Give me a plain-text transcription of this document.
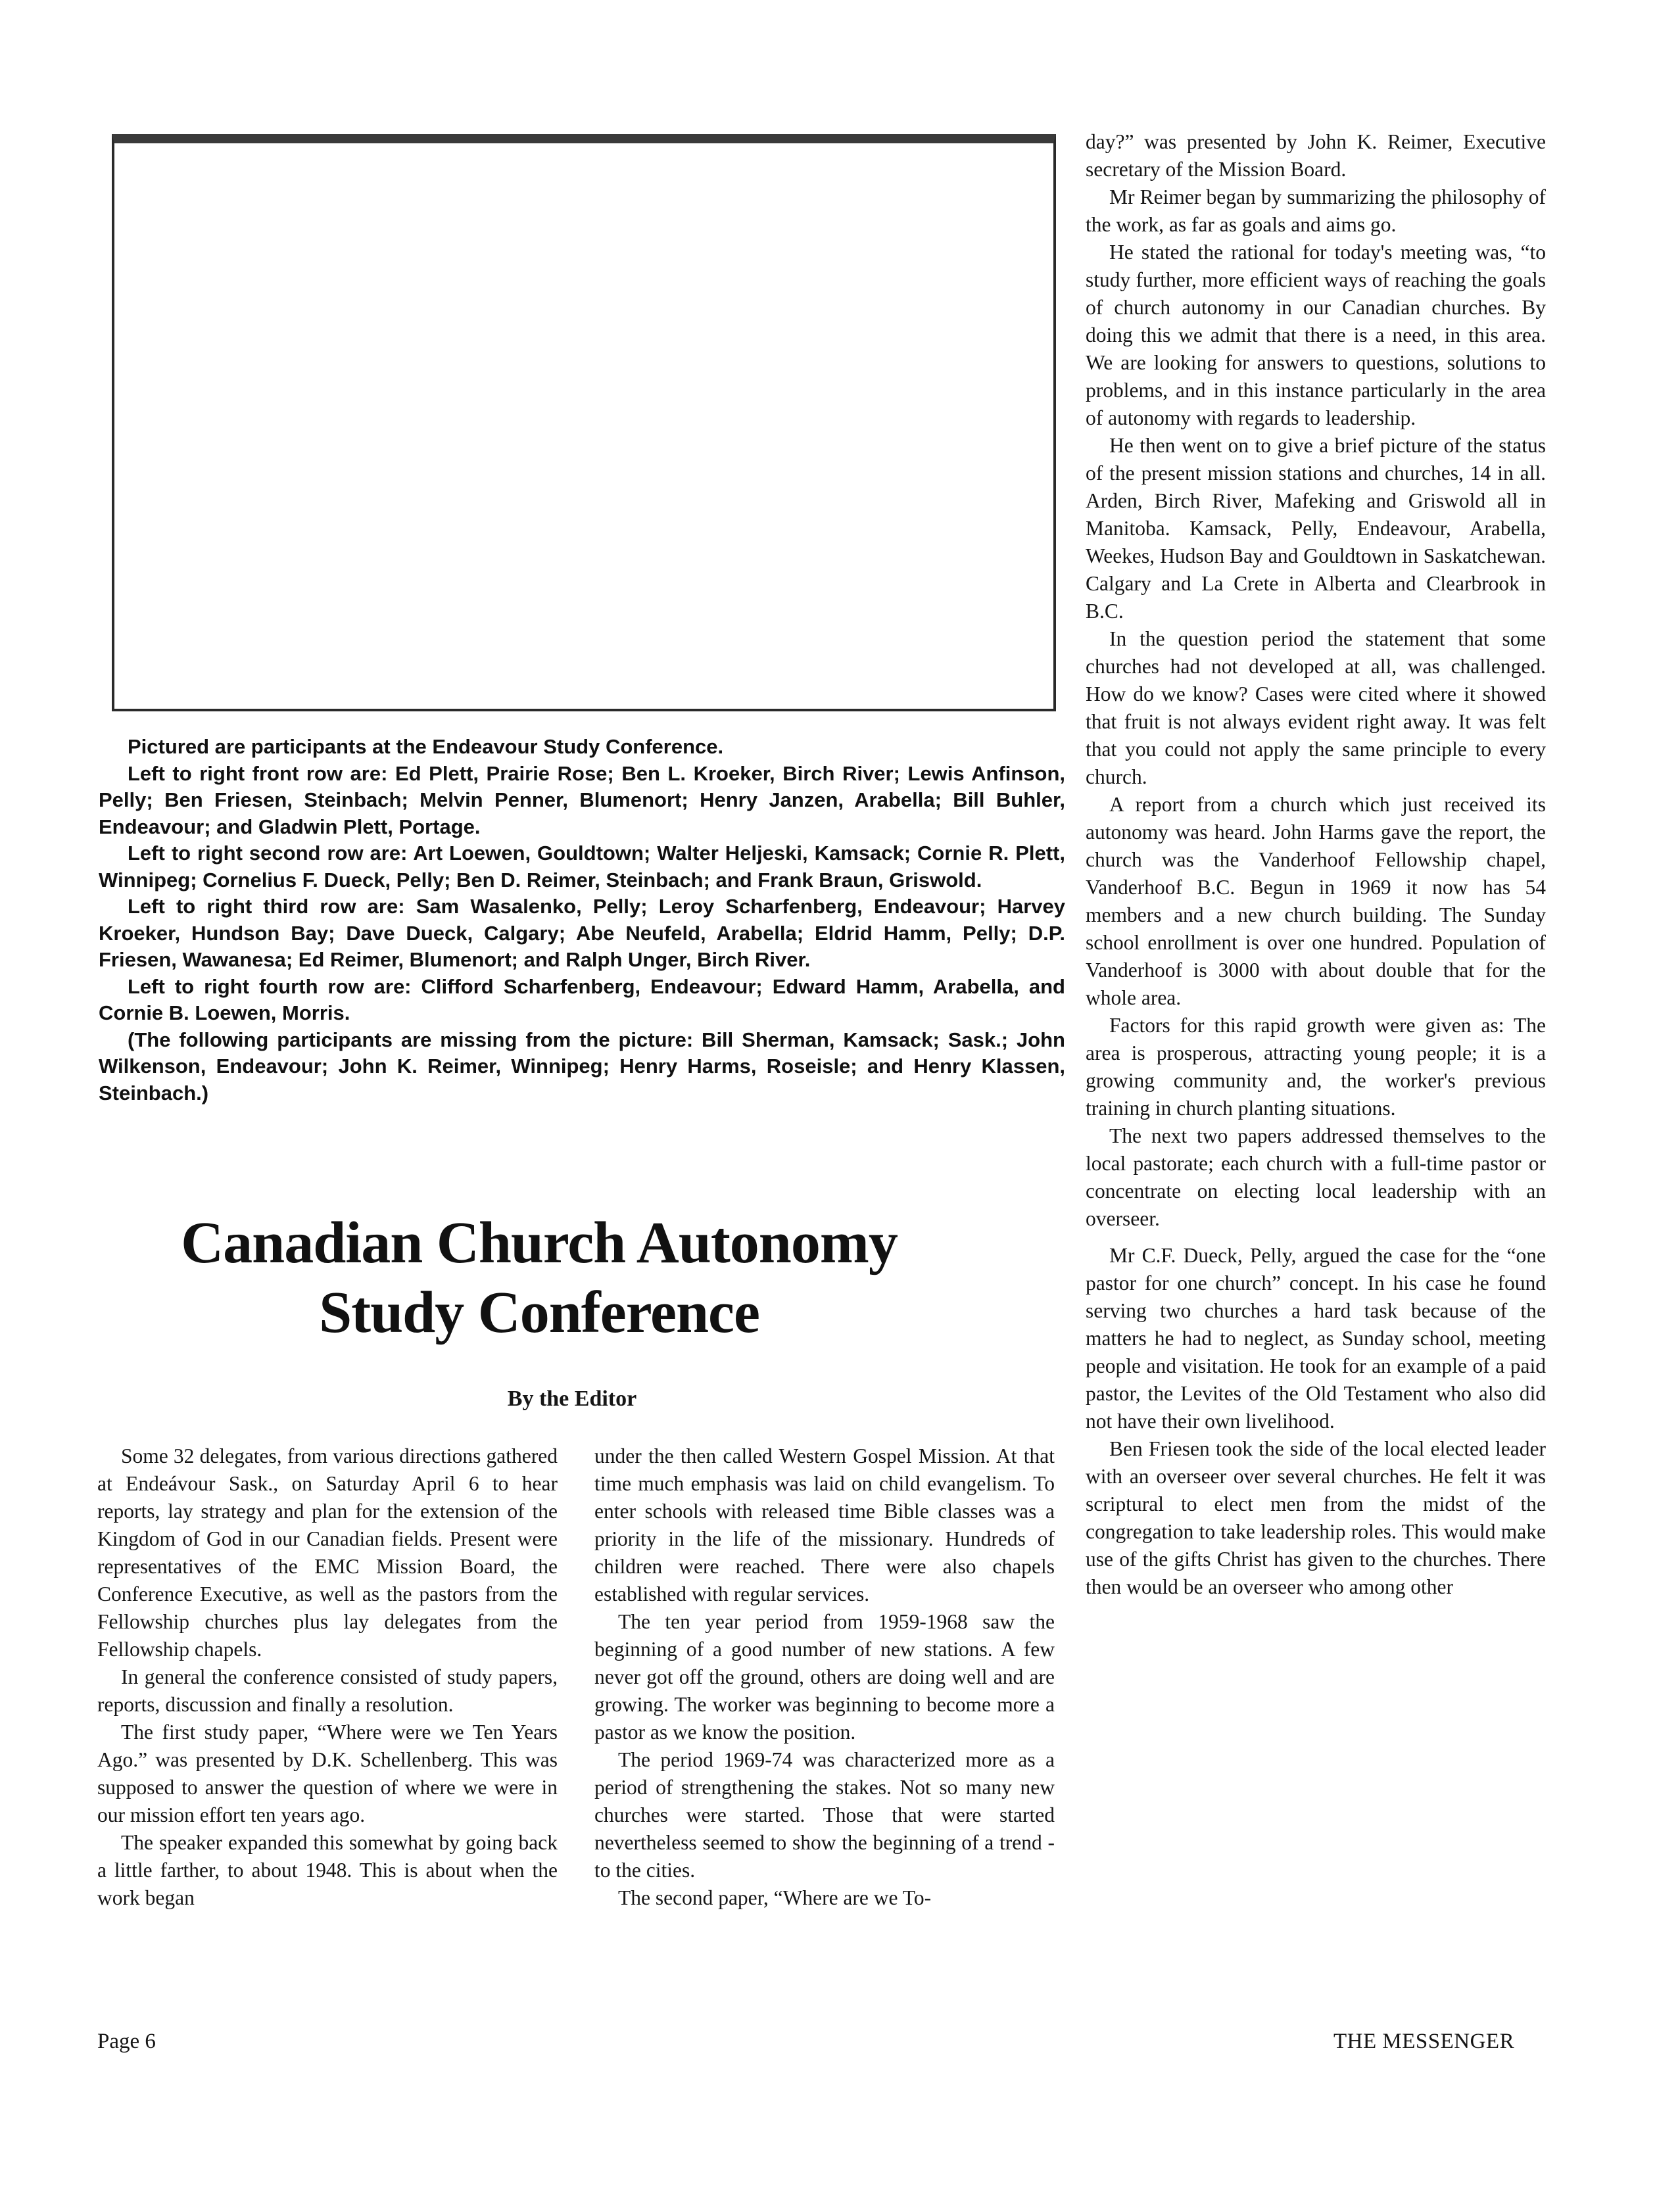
Pictured are participants at the Endeavour Study Conference.

Left to right front row are: Ed Plett, Prairie Rose; Ben L. Kroeker, Birch River; Lewis Anfinson, Pelly; Ben Friesen, Steinbach; Melvin Penner, Blumenort; Henry Janzen, Arabella; Bill Buhler, Endeavour; and Gladwin Plett, Portage.

Left to right second row are: Art Loewen, Gouldtown; Walter Heljeski, Kamsack; Cornie R. Plett, Winnipeg; Cornelius F. Dueck, Pelly; Ben D. Reimer, Steinbach; and Frank Braun, Griswold.

Left to right third row are: Sam Wasalenko, Pelly; Leroy Scharfenberg, Endeavour; Harvey Kroeker, Hundson Bay; Dave Dueck, Calgary; Abe Neufeld, Arabella; Eldrid Hamm, Pelly; D.P. Friesen, Wawanesa; Ed Reimer, Blumenort; and Ralph Unger, Birch River.

Left to right fourth row are: Clifford Scharfenberg, Endeavour; Edward Hamm, Arabella, and Cornie B. Loewen, Morris.

(The following participants are missing from the picture: Bill Sherman, Kamsack; Sask.; John Wilkenson, Endeavour; John K. Reimer, Winnipeg; Henry Harms, Roseisle; and Henry Klassen, Steinbach.)

Canadian Church Autonomy
Study Conference
By the Editor

Some 32 delegates, from various directions gathered at Endeávour Sask., on Saturday April 6 to hear reports, lay strategy and plan for the extension of the Kingdom of God in our Canadian fields. Present were representatives of the EMC Mission Board, the Conference Executive, as well as the pastors from the Fellowship churches plus lay delegates from the Fellowship chapels.

In general the conference consisted of study papers, reports, discussion and finally a resolution.

The first study paper, “Where were we Ten Years Ago.” was presented by D.K. Schellenberg. This was supposed to answer the question of where we were in our mission effort ten years ago.

The speaker expanded this somewhat by going back a little farther, to about 1948. This is about when the work began

under the then called Western Gospel Mission. At that time much emphasis was laid on child evangelism. To enter schools with released time Bible classes was a priority in the life of the missionary. Hundreds of children were reached. There were also chapels established with regular services.

The ten year period from 1959-1968 saw the beginning of a good number of new stations. A few never got off the ground, others are doing well and are growing. The worker was beginning to become more a pastor as we know the position.

The period 1969-74 was characterized more as a period of strengthening the stakes. Not so many new churches were started. Those that were started nevertheless seemed to show the beginning of a trend - to the cities.

The second paper, “Where are we To-

day?” was presented by John K. Reimer, Executive secretary of the Mission Board.

Mr Reimer began by summarizing the philosophy of the work, as far as goals and aims go.

He stated the rational for today's meeting was, “to study further, more efficient ways of reaching the goals of church autonomy in our Canadian churches. By doing this we admit that there is a need, in this area. We are looking for answers to questions, solutions to problems, and in this instance particularly in the area of autonomy with regards to leadership.

He then went on to give a brief picture of the status of the present mission stations and churches, 14 in all. Arden, Birch River, Mafeking and Griswold all in Manitoba. Kamsack, Pelly, Endeavour, Arabella, Weekes, Hudson Bay and Gouldtown in Saskatchewan. Calgary and La Crete in Alberta and Clearbrook in B.C.

In the question period the statement that some churches had not developed at all, was challenged. How do we know? Cases were cited where it showed that fruit is not always evident right away. It was felt that you could not apply the same principle to every church.

A report from a church which just received its autonomy was heard. John Harms gave the report, the church was the Vanderhoof Fellowship chapel, Vanderhoof B.C. Begun in 1969 it now has 54 members and a new church building. The Sunday school enrollment is over one hundred. Population of Vanderhoof is 3000 with about double that for the whole area.

Factors for this rapid growth were given as: The area is prosperous, attracting young people; it is a growing community and, the worker's previous training in church planting situations.

The next two papers addressed themselves to the local pastorate; each church with a full-time pastor or concentrate on electing local leadership with an overseer.

Mr C.F. Dueck, Pelly, argued the case for the “one pastor for one church” concept. In his case he found serving two churches a hard task because of the matters he had to neglect, as Sunday school, meeting people and visitation. He took for an example of a paid pastor, the Levites of the Old Testament who also did not have their own livelihood.

Ben Friesen took the side of the local elected leader with an overseer over several churches. He felt it was scriptural to elect men from the midst of the congregation to take leadership roles. This would make use of the gifts Christ has given to the churches. There then would be an overseer who among other

Page 6	THE MESSENGER
